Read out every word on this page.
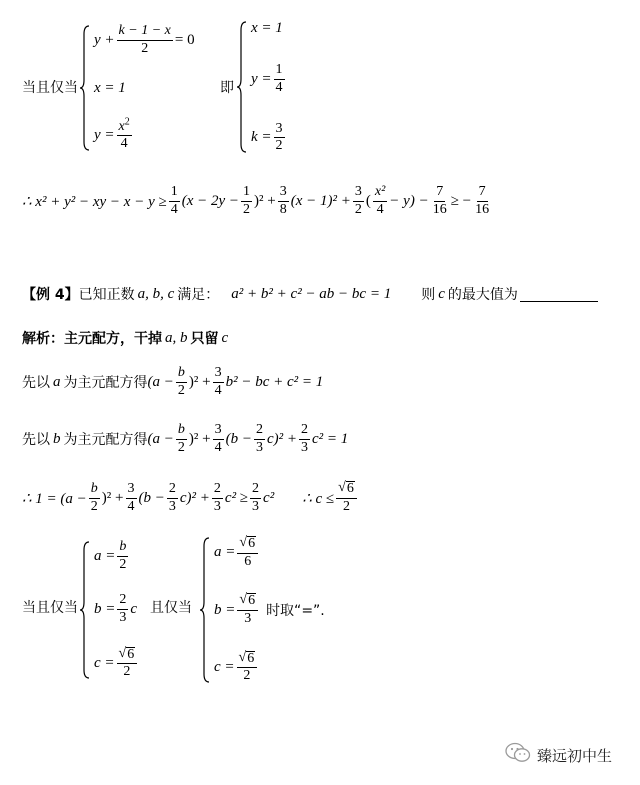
当且仅当
$y + \frac{k - 1 - x}{2} = 0$
x = 1
$y = \frac{x^2}{4}$
即
x = 1
$y = \frac{1}{4}$
$k = \frac{3}{2}$
∴ x² + y² − xy − $x - y \ge \frac{1}{4} (x - 2y - \frac{1}{2} )^2 + \frac{3}{8} (x - 1)^2 + \frac{3}{2}$ ( $\frac{\text{x²}}{4} - y) - \frac{7}{16}$ ≥ − $\frac{7}{16}$
【例 4】 已知正数 a, b, c 满足： a² + b² + c² − ab − bc = 1 则 c 的最大值为
解析：主元配方，干掉 a, b 只留 c
先以 a 为主元配方得 $(a - \frac{b}{2} )^2 + \frac{3}{4} b^2$ − bc + c² = 1
先以 b 为主元配方得 $(a - \frac{b}{2} )^2 + \frac{3}{4} (b - \frac{2}{3} c)^2 + \frac{2}{3} c^2 = 1$
∴ $1 = (a - \frac{b}{2} )^2 + \frac{3}{4} (b - \frac{2}{3} c)^2 + \frac{2}{3} c^2 \ge \frac{2}{3} c^2$ ∴ $c \le \frac{√ 6}{2}$
当且仅当
$a = \frac{b}{2}$
$b = \frac{2}{3}$ c
$c = \frac{√ 6}{2}$
且仅当
$a = \frac{√ 6}{6}$
$b = \frac{√ 6}{3}$ 时取“=”.
$c = \frac{√ 6}{2}$
臻远初中生
